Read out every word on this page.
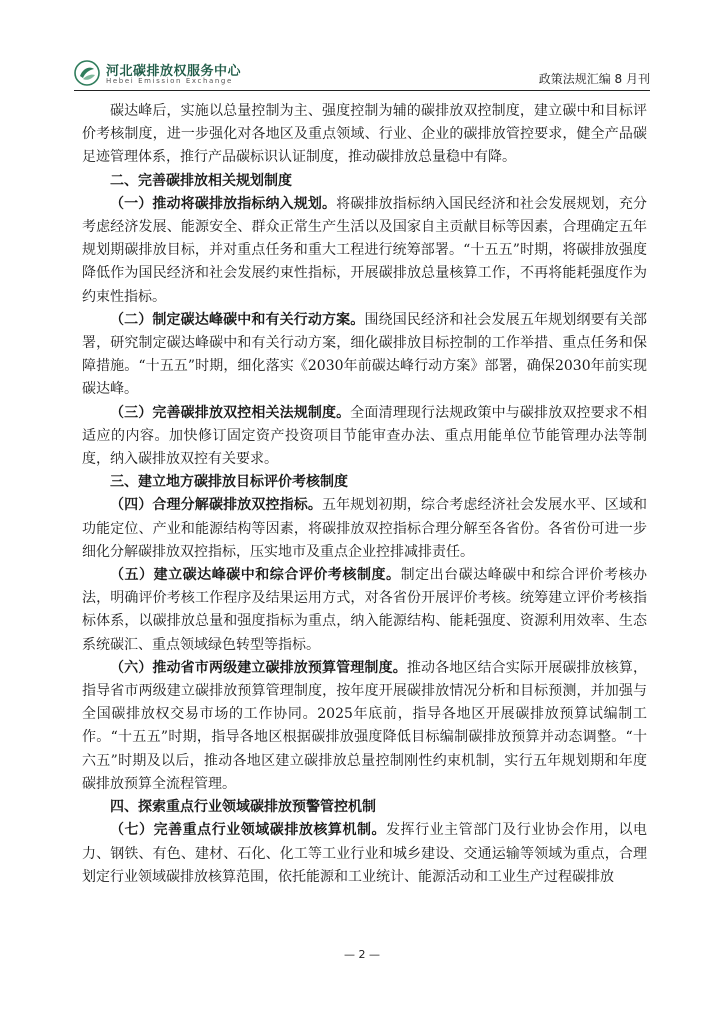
河北碳排放权服务中心
Hebei Emission Exchange	政策法规汇编 8 月刊

碳达峰后，实施以总量控制为主、强度控制为辅的碳排放双控制度，建立碳中和目标评价考核制度，进一步强化对各地区及重点领域、行业、企业的碳排放管控要求，健全产品碳足迹管理体系，推行产品碳标识认证制度，推动碳排放总量稳中有降。

二、完善碳排放相关规划制度

（一）推动将碳排放指标纳入规划。将碳排放指标纳入国民经济和社会发展规划，充分考虑经济发展、能源安全、群众正常生产生活以及国家自主贡献目标等因素，合理确定五年规划期碳排放目标，并对重点任务和重大工程进行统筹部署。“十五五”时期，将碳排放强度降低作为国民经济和社会发展约束性指标，开展碳排放总量核算工作，不再将能耗强度作为约束性指标。

（二）制定碳达峰碳中和有关行动方案。围绕国民经济和社会发展五年规划纲要有关部署，研究制定碳达峰碳中和有关行动方案，细化碳排放目标控制的工作举措、重点任务和保障措施。“十五五”时期，细化落实《2030年前碳达峰行动方案》部署，确保2030年前实现碳达峰。

（三）完善碳排放双控相关法规制度。全面清理现行法规政策中与碳排放双控要求不相适应的内容。加快修订固定资产投资项目节能审查办法、重点用能单位节能管理办法等制度，纳入碳排放双控有关要求。

三、建立地方碳排放目标评价考核制度

（四）合理分解碳排放双控指标。五年规划初期，综合考虑经济社会发展水平、区域和功能定位、产业和能源结构等因素，将碳排放双控指标合理分解至各省份。各省份可进一步细化分解碳排放双控指标，压实地市及重点企业控排减排责任。

（五）建立碳达峰碳中和综合评价考核制度。制定出台碳达峰碳中和综合评价考核办法，明确评价考核工作程序及结果运用方式，对各省份开展评价考核。统筹建立评价考核指标体系，以碳排放总量和强度指标为重点，纳入能源结构、能耗强度、资源利用效率、生态系统碳汇、重点领域绿色转型等指标。

（六）推动省市两级建立碳排放预算管理制度。推动各地区结合实际开展碳排放核算，指导省市两级建立碳排放预算管理制度，按年度开展碳排放情况分析和目标预测，并加强与全国碳排放权交易市场的工作协同。2025年底前，指导各地区开展碳排放预算试编制工作。“十五五”时期，指导各地区根据碳排放强度降低目标编制碳排放预算并动态调整。“十六五”时期及以后，推动各地区建立碳排放总量控制刚性约束机制，实行五年规划期和年度碳排放预算全流程管理。

四、探索重点行业领域碳排放预警管控机制

（七）完善重点行业领域碳排放核算机制。发挥行业主管部门及行业协会作用，以电力、钢铁、有色、建材、石化、化工等工业行业和城乡建设、交通运输等领域为重点，合理划定行业领域碳排放核算范围，依托能源和工业统计、能源活动和工业生产过程碳排放

— 2 —
